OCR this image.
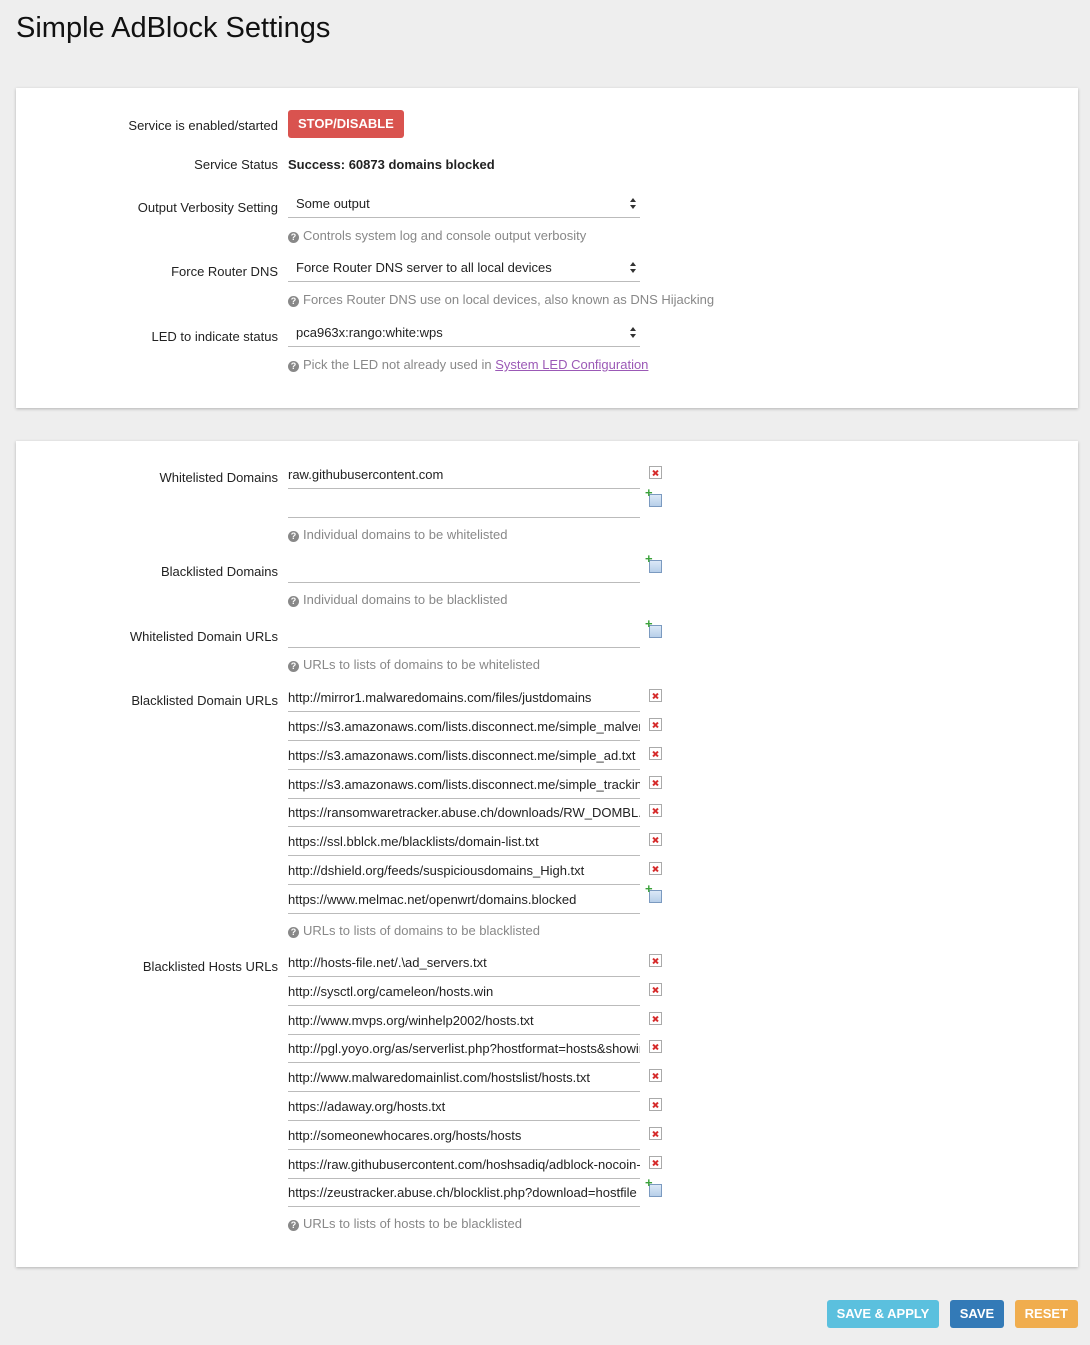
Simple AdBlock Settings
Service is enabled/started	STOP/DISABLE
Service Status Success: 60873 domains blocked
Output Verbosity Setting	Some output
? Controls system log and console output verbosity
Force Router DNS	Force Router DNS server to all local devices
? Forces Router DNS use on local devices, also known as DNS Hijacking
LED to indicate status	pca963x:rango:white:wps
? Pick the LED not already used in System LED Configuration
Whitelisted Domains
raw.githubusercontent.com
+
? Individual domains to be whitelisted
Blacklisted Domains
+
? Individual domains to be blacklisted
Whitelisted Domain URLs
+
? URLs to lists of domains to be whitelisted
Blacklisted Domain URLs
http://mirror1.malwaredomains.com/files/justdomains
https://s3.amazonaws.com/lists.disconnect.me/simple_malvertising.txt
https://s3.amazonaws.com/lists.disconnect.me/simple_ad.txt
https://s3.amazonaws.com/lists.disconnect.me/simple_tracking.txt
https://ransomwaretracker.abuse.ch/downloads/RW_DOMBL.txt
https://ssl.bblck.me/blacklists/domain-list.txt
http://dshield.org/feeds/suspiciousdomains_High.txt
https://www.melmac.net/openwrt/domains.blocked
+
? URLs to lists of domains to be blacklisted
Blacklisted Hosts URLs
http://hosts-file.net/.\ad_servers.txt
http://sysctl.org/cameleon/hosts.win
http://www.mvps.org/winhelp2002/hosts.txt
http://pgl.yoyo.org/as/serverlist.php?hostformat=hosts&showintro=0
http://www.malwaredomainlist.com/hostslist/hosts.txt
https://adaway.org/hosts.txt
http://someonewhocares.org/hosts/hosts
https://raw.githubusercontent.com/hoshsadiq/adblock-nocoin-list/master/hosts.txt
https://zeustracker.abuse.ch/blocklist.php?download=hostfile
+
? URLs to lists of hosts to be blacklisted
SAVE & APPLY SAVE RESET
